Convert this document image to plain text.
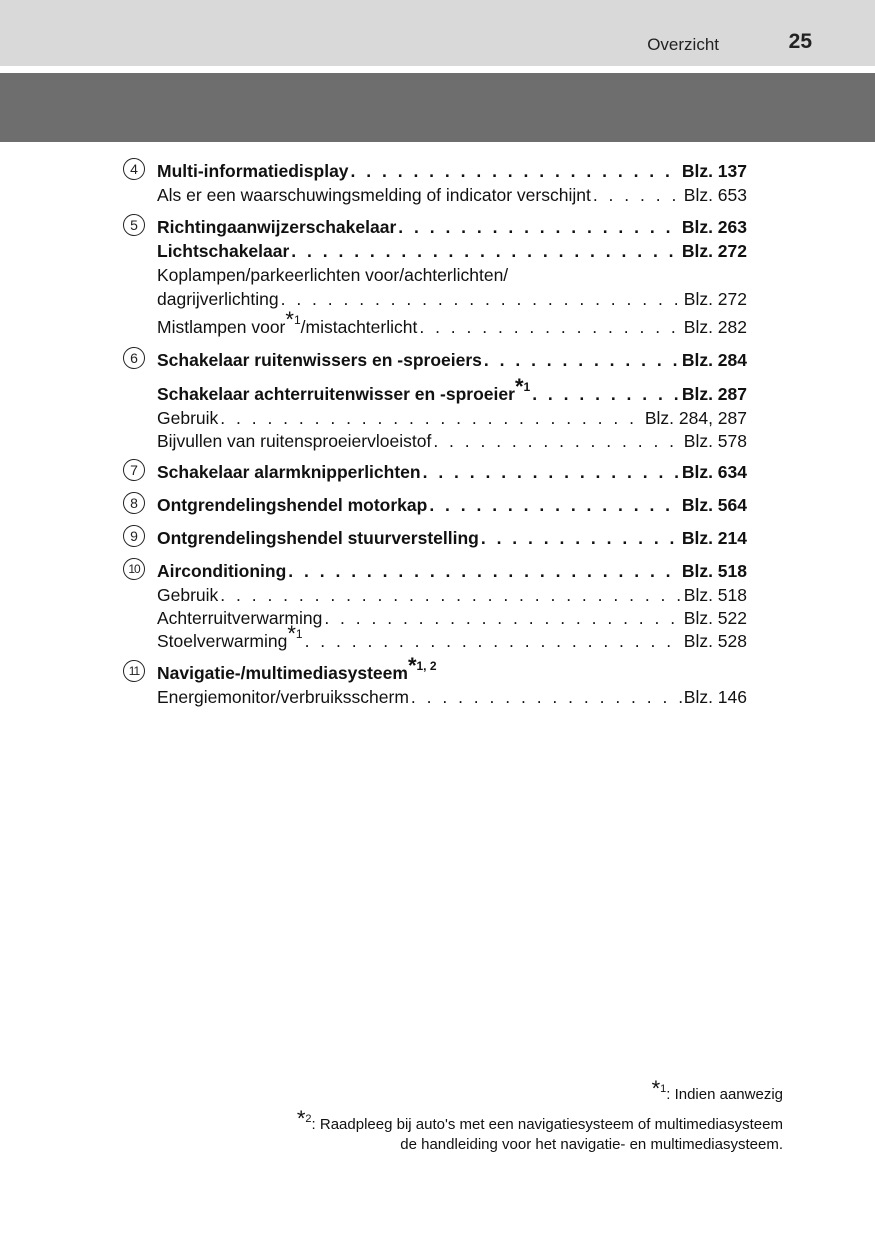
Overzicht	25
4	Multi-informatiedisplay . . .	Blz. 137
Als er een waarschuwingsmelding of indicator verschijnt . . .	Blz. 653
5	Richtingaanwijzerschakelaar . . .	Blz. 263
Lichtschakelaar . . .	Blz. 272
Koplampen/parkeerlichten voor/achterlichten/
dagrijverlichting . . .	Blz. 272
Mistlampen voor$^{*1}$/mistachterlicht . . .	Blz. 282
6	Schakelaar ruitenwissers en -sproeiers . . .	Blz. 284
Schakelaar achterruitenwisser en -sproeier$^{*1}$ . . .	Blz. 287
Gebruik . . .	Blz. 284, 287
Bijvullen van ruitensproeiervloeistof . . .	Blz. 578
7	Schakelaar alarmknipperlichten . . .	Blz. 634
8	Ontgrendelingshendel motorkap . . .	Blz. 564
9	Ontgrendelingshendel stuurverstelling . . .	Blz. 214
10 Airconditioning . . .	Blz. 518
Gebruik . . .	Blz. 518
Achterruitverwarming . . .	Blz. 522
Stoelverwarming$^{*1}$ . . .	Blz. 528
11	Navigatie-/multimediasysteem$^{*1, 2}$
Energiemonitor/verbruiksscherm . . .	Blz. 146
*$^1$: Indien aanwezig
*$^2$: Raadpleeg bij auto's met een navigatiesysteem of multimediasysteem
de handleiding voor het navigatie- en multimediasysteem.
